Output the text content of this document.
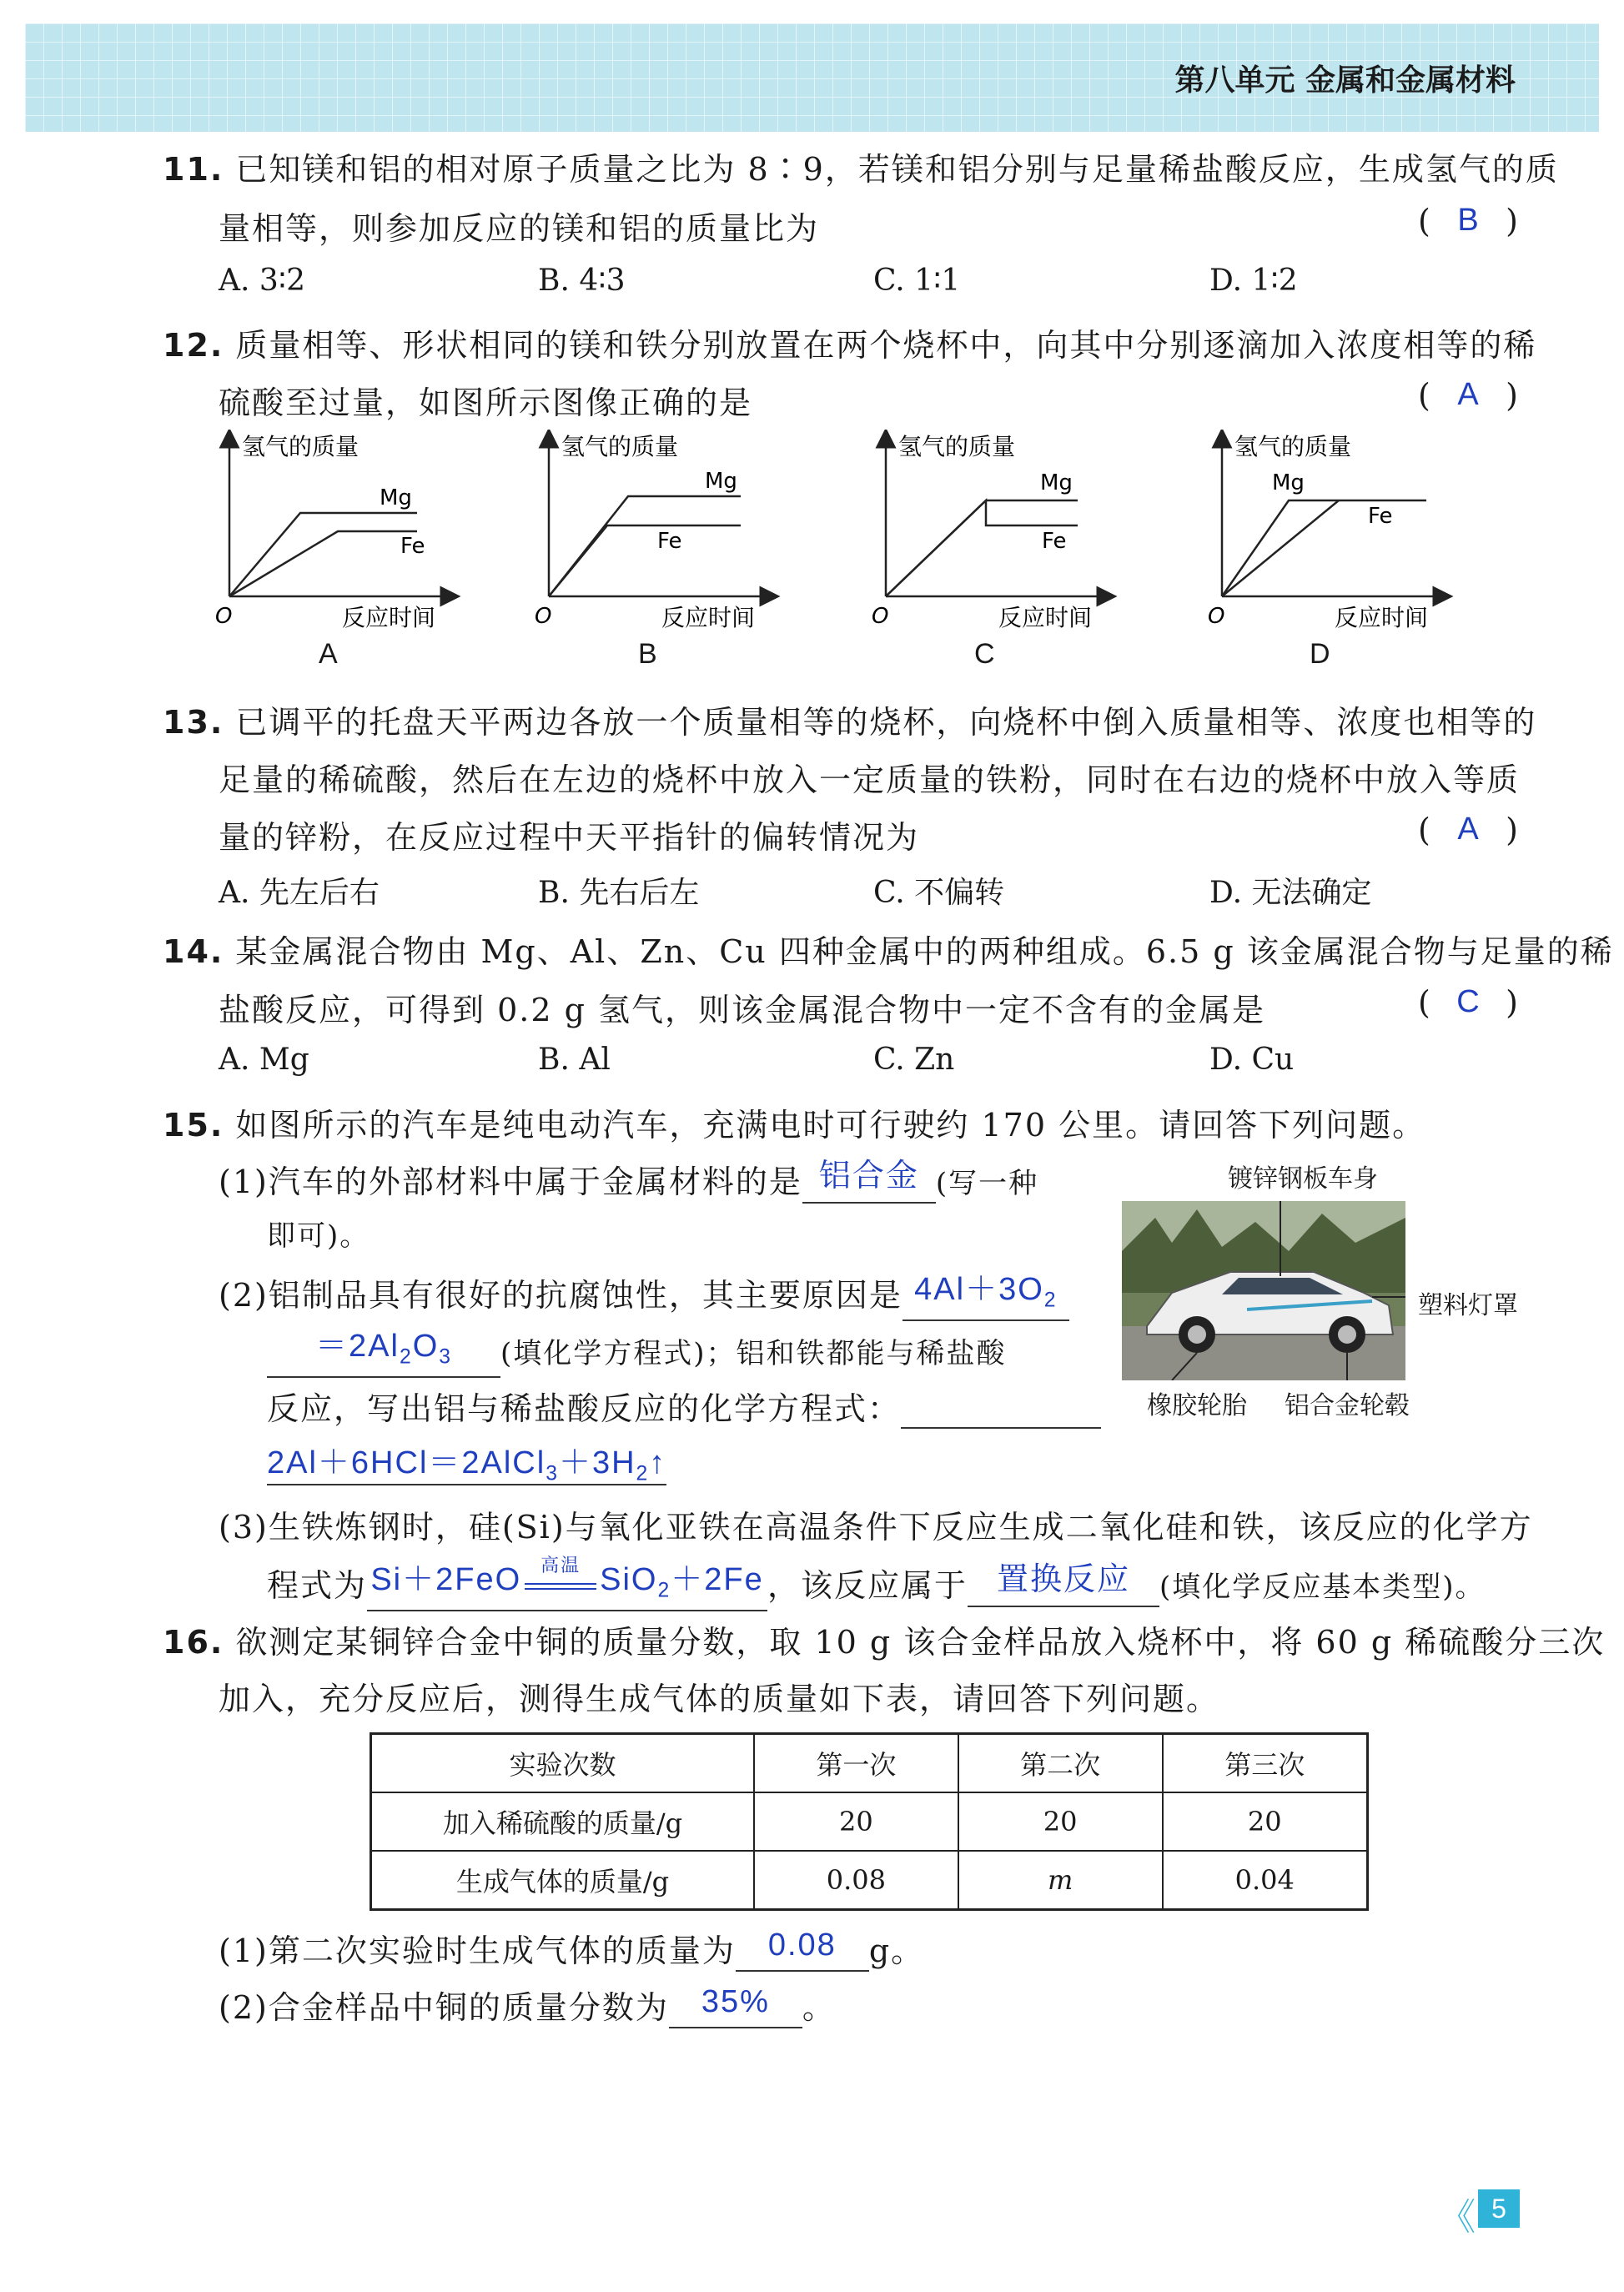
第八单元 金属和金属材料
11. 已知镁和铝的相对原子质量之比为 8∶9，若镁和铝分别与足量稀盐酸反应，生成氢气的质
量相等，则参加反应的镁和铝的质量比为	( B )
A. 3∶2	B. 4∶3	C. 1∶1	D. 1∶2
12. 质量相等、形状相同的镁和铁分别放置在两个烧杯中，向其中分别逐滴加入浓度相等的稀
硫酸至过量，如图所示图像正确的是	( A )
氢气的质量
反应时间
O
Mg
Fe
氢气的质量
反应时间
O
Mg
Fe
氢气的质量
反应时间
O
Mg
Fe
氢气的质量
反应时间
O
Mg
Fe
A	B	C	D
13. 已调平的托盘天平两边各放一个质量相等的烧杯，向烧杯中倒入质量相等、浓度也相等的
足量的稀硫酸，然后在左边的烧杯中放入一定质量的铁粉，同时在右边的烧杯中放入等质
量的锌粉，在反应过程中天平指针的偏转情况为	( A )
A. 先左后右	B. 先右后左	C. 不偏转	D. 无法确定
14. 某金属混合物由 Mg、Al、Zn、Cu 四种金属中的两种组成。6.5 g 该金属混合物与足量的稀
盐酸反应，可得到 0.2 g 氢气，则该金属混合物中一定不含有的金属是	( C )
A. Mg	B. Al	C. Zn	D. Cu
15. 如图所示的汽车是纯电动汽车，充满电时可行驶约 170 公里。请回答下列问题。
(1)汽车的外部材料中属于金属材料的是 铝合金 (写一种
即可)。
(2)铝制品具有很好的抗腐蚀性，其主要原因是 $4Al+3O_2$
$=2Al_2O_3$ (填化学方程式)；铝和铁都能与稀盐酸
反应，写出铝与稀盐酸反应的化学方程式：
$2Al+6HCl=2AlCl_3+3H_2↑$
镀锌钢板车身
塑料灯罩
橡胶轮胎 铝合金轮毂
(3)生铁炼钢时，硅(Si)与氧化亚铁在高温条件下反应生成二氧化硅和铁，该反应的化学方
程式为 Si＋2FeO	高温 SiO$_2$＋2Fe ，该反应属于 置换反应 (填化学反应基本类型)。
16. 欲测定某铜锌合金中铜的质量分数，取 10 g 该合金样品放入烧杯中，将 60 g 稀硫酸分三次
加入，充分反应后，测得生成气体的质量如下表，请回答下列问题。
实验次数	第一次	第二次	第三次
加入稀硫酸的质量/g	20	20	20
生成气体的质量/g	0.08	m	0.04
(1)第二次实验时生成气体的质量为 0.08 g。
(2)合金样品中铜的质量分数为 35% 。
《 5
